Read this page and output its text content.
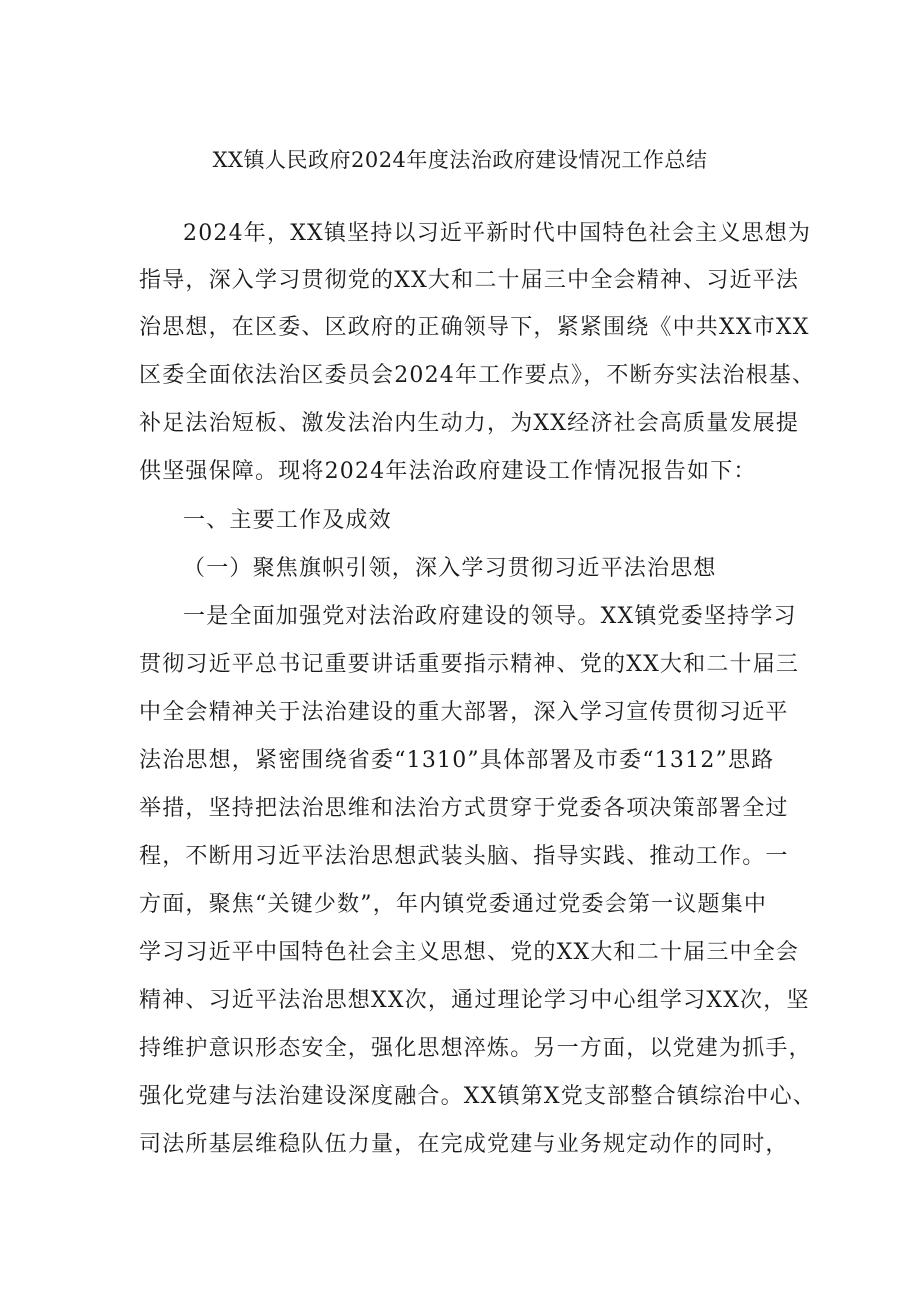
XX镇人民政府2024年度法治政府建设情况工作总结
2024年，XX镇坚持以习近平新时代中国特色社会主义思想为
指导，深入学习贯彻党的XX大和二十届三中全会精神、习近平法
治思想，在区委、区政府的正确领导下，紧紧围绕《中共XX市XX
区委全面依法治区委员会2024年工作要点》，不断夯实法治根基、
补足法治短板、激发法治内生动力，为XX经济社会高质量发展提
供坚强保障。现将2024年法治政府建设工作情况报告如下：
一、主要工作及成效
（一）聚焦旗帜引领，深入学习贯彻习近平法治思想
一是全面加强党对法治政府建设的领导。XX镇党委坚持学习
贯彻习近平总书记重要讲话重要指示精神、党的XX大和二十届三
中全会精神关于法治建设的重大部署，深入学习宣传贯彻习近平
法治思想，紧密围绕省委“1310”具体部署及市委“1312”思路
举措，坚持把法治思维和法治方式贯穿于党委各项决策部署全过
程，不断用习近平法治思想武装头脑、指导实践、推动工作。一
方面，聚焦“关键少数”，年内镇党委通过党委会第一议题集中
学习习近平中国特色社会主义思想、党的XX大和二十届三中全会
精神、习近平法治思想XX次，通过理论学习中心组学习XX次，坚
持维护意识形态安全，强化思想淬炼。另一方面，以党建为抓手，
强化党建与法治建设深度融合。XX镇第X党支部整合镇综治中心、
司法所基层维稳队伍力量，在完成党建与业务规定动作的同时，
